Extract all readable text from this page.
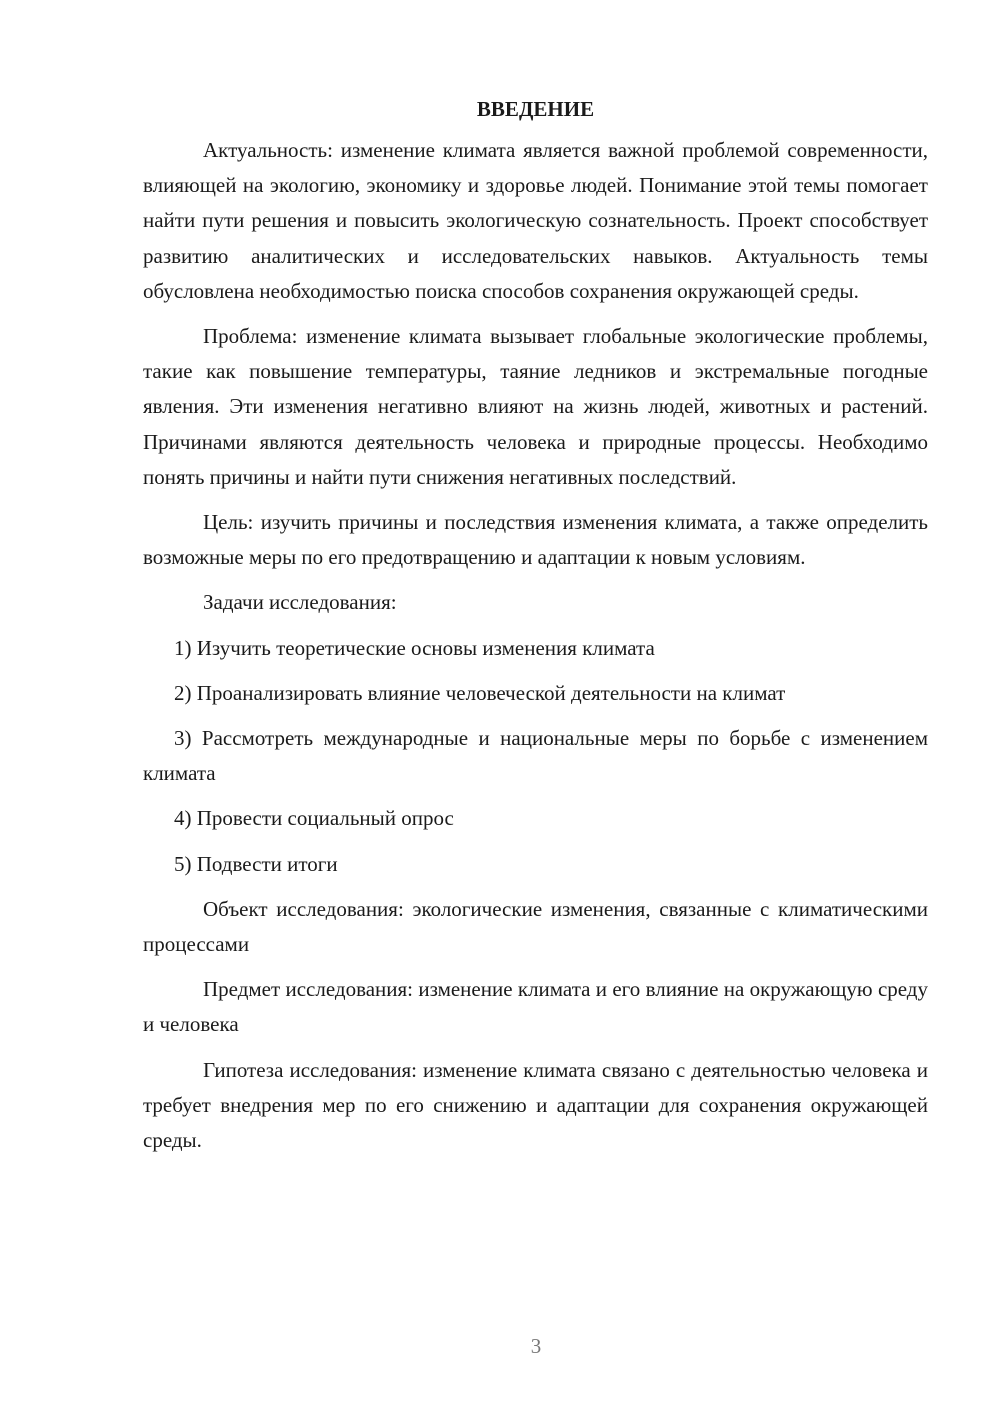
ВВЕДЕНИЕ

Актуальность: изменение климата является важной проблемой современности, влияющей на экологию, экономику и здоровье людей. Понимание этой темы помогает найти пути решения и повысить экологическую сознательность. Проект способствует развитию аналитических и исследовательских навыков. Актуальность темы обусловлена необходимостью поиска способов сохранения окружающей среды.

Проблема: изменение климата вызывает глобальные экологические проблемы, такие как повышение температуры, таяние ледников и экстремальные погодные явления. Эти изменения негативно влияют на жизнь людей, животных и растений. Причинами являются деятельность человека и природные процессы. Необходимо понять причины и найти пути снижения негативных последствий.

Цель: изучить причины и последствия изменения климата, а также определить возможные меры по его предотвращению и адаптации к новым условиям.

Задачи исследования:

1) Изучить теоретические основы изменения климата

2) Проанализировать влияние человеческой деятельности на климат

3) Рассмотреть международные и национальные меры по борьбе с изменением климата

4) Провести социальный опрос

5) Подвести итоги

Объект исследования: экологические изменения, связанные с климатическими процессами

Предмет исследования: изменение климата и его влияние на окружающую среду и человека

Гипотеза исследования: изменение климата связано с деятельностью человека и требует внедрения мер по его снижению и адаптации для сохранения окружающей среды.

3
